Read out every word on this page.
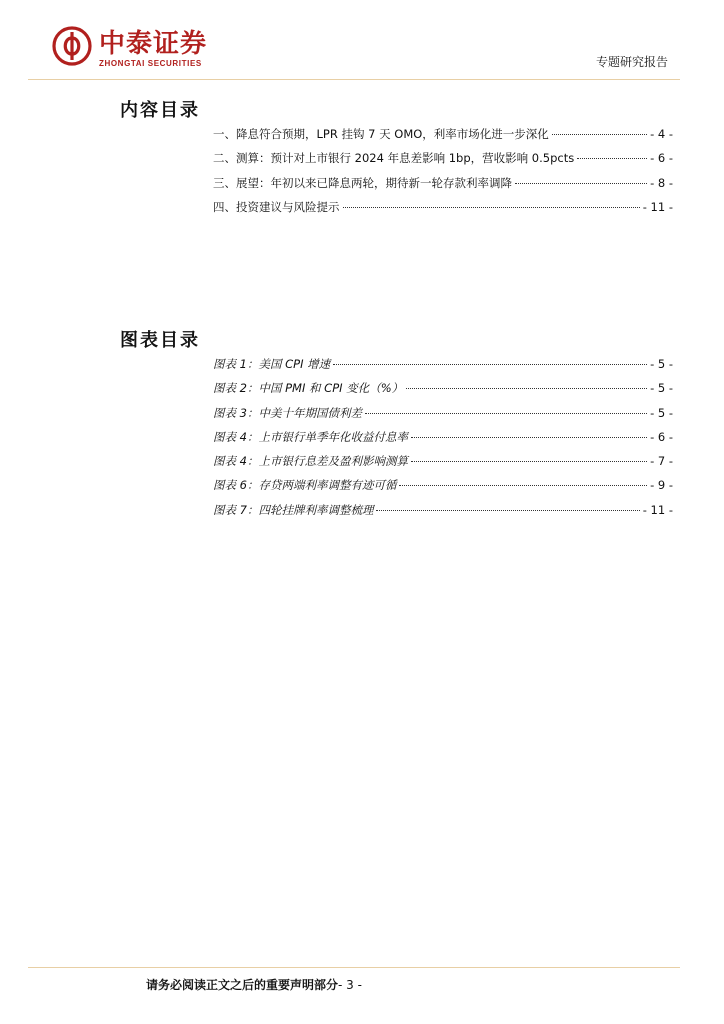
中泰证券
ZHONGTAI SECURITIES	专题研究报告
内容目录
一、降息符合预期，LPR 挂钩 7 天 OMO，利率市场化进一步深化	- 4 -
二、测算：预计对上市银行 2024 年息差影响 1bp，营收影响 0.5pcts	- 6 -
三、展望：年初以来已降息两轮，期待新一轮存款利率调降	- 8 -
四、投资建议与风险提示	- 11 -
图表目录
图表 1：美国 CPI 增速	- 5 -
图表 2：中国 PMI 和 CPI 变化（%）	- 5 -
图表 3：中美十年期国债利差	- 5 -
图表 4：上市银行单季年化收益付息率	- 6 -
图表 4：上市银行息差及盈利影响测算	- 7 -
图表 6：存贷两端利率调整有迹可循	- 9 -
图表 7：四轮挂牌利率调整梳理	- 11 -
请务必阅读正文之后的重要声明部分- 3 -
